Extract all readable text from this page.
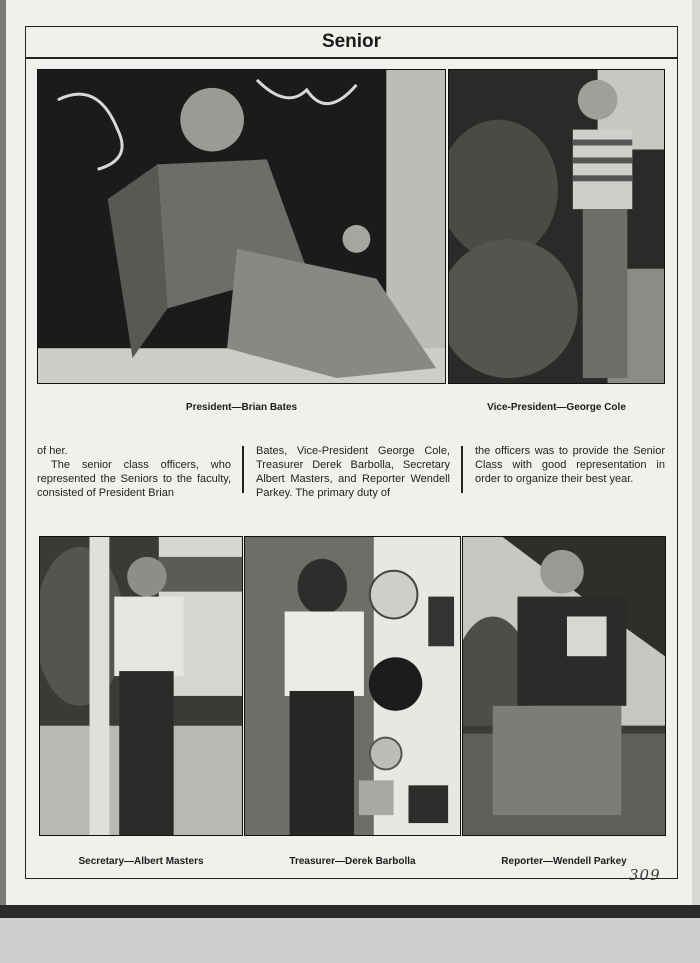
Senior
President—Brian Bates	Vice-President—George Cole

of her.

The senior class officers, who represented the Seniors to the faculty, consisted of President Brian

Bates, Vice-President George Cole, Treasurer Derek Barbolla, Secretary Albert Masters, and Reporter Wendell Parkey. The primary duty of

the officers was to provide the Senior Class with good representation in order to organize their best year.

Secretary—Albert Masters	Treasurer—Derek Barbolla	Reporter—Wendell Parkey
309
